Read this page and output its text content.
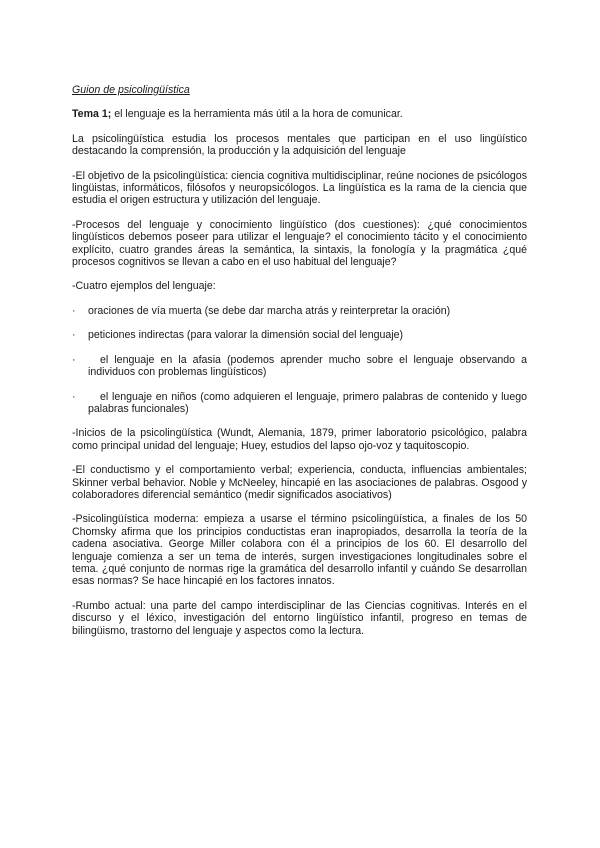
Guion de psicolingüística

Tema 1; el lenguaje es la herramienta más útil a la hora de comunicar.

La psicolingüística estudia los procesos mentales que participan en el uso lingüístico destacando la comprensión, la producción y la adquisición del lenguaje

-El objetivo de la psicolingüística: ciencia cognitiva multidisciplinar, reúne nociones de psicólogos lingüistas, informáticos, filósofos y neuropsicólogos. La lingüística es la rama de la ciencia que estudia el origen estructura y utilización del lenguaje.

-Procesos del lenguaje y conocimiento lingüístico (dos cuestiones): ¿qué conocimientos lingüísticos debemos poseer para utilizar el lenguaje? el conocimiento tácito y el conocimiento explícito, cuatro grandes áreas la semántica, la sintaxis, la fonología y la pragmática ¿qué procesos cognitivos se llevan a cabo en el uso habitual del lenguaje?

-Cuatro ejemplos del lenguaje:

·	oraciones de vía muerta (se debe dar marcha atrás y reinterpretar la oración)
·	peticiones indirectas (para valorar la dimensión social del lenguaje)
·	el lenguaje en la afasia (podemos aprender mucho sobre el lenguaje observando a individuos con problemas lingüísticos)
·	el lenguaje en niños (como adquieren el lenguaje, primero palabras de contenido y luego palabras funcionales)

-Inicios de la psicolingüística (Wundt, Alemania, 1879, primer laboratorio psicológico, palabra como principal unidad del lenguaje; Huey, estudios del lapso ojo-voz y taquitoscopio.

-El conductismo y el comportamiento verbal; experiencia, conducta, influencias ambientales; Skinner verbal behavior. Noble y McNeeley, hincapié en las asociaciones de palabras. Osgood y colaboradores diferencial semántico (medir significados asociativos)

-Psicolingüística moderna: empieza a usarse el término psicolingüística, a finales de los 50 Chomsky afirma que los principios conductistas eran inapropiados, desarrolla la teoría de la cadena asociativa. George Miller colabora con él a principios de los 60. El desarrollo del lenguaje comienza a ser un tema de interés, surgen investigaciones longitudinales sobre el tema. ¿qué conjunto de normas rige la gramática del desarrollo infantil y cuándo Se desarrollan esas normas? Se hace hincapié en los factores innatos.

-Rumbo actual: una parte del campo interdisciplinar de las Ciencias cognitivas. Interés en el discurso y el léxico, investigación del entorno lingüístico infantil, progreso en temas de bilingüismo, trastorno del lenguaje y aspectos como la lectura.
